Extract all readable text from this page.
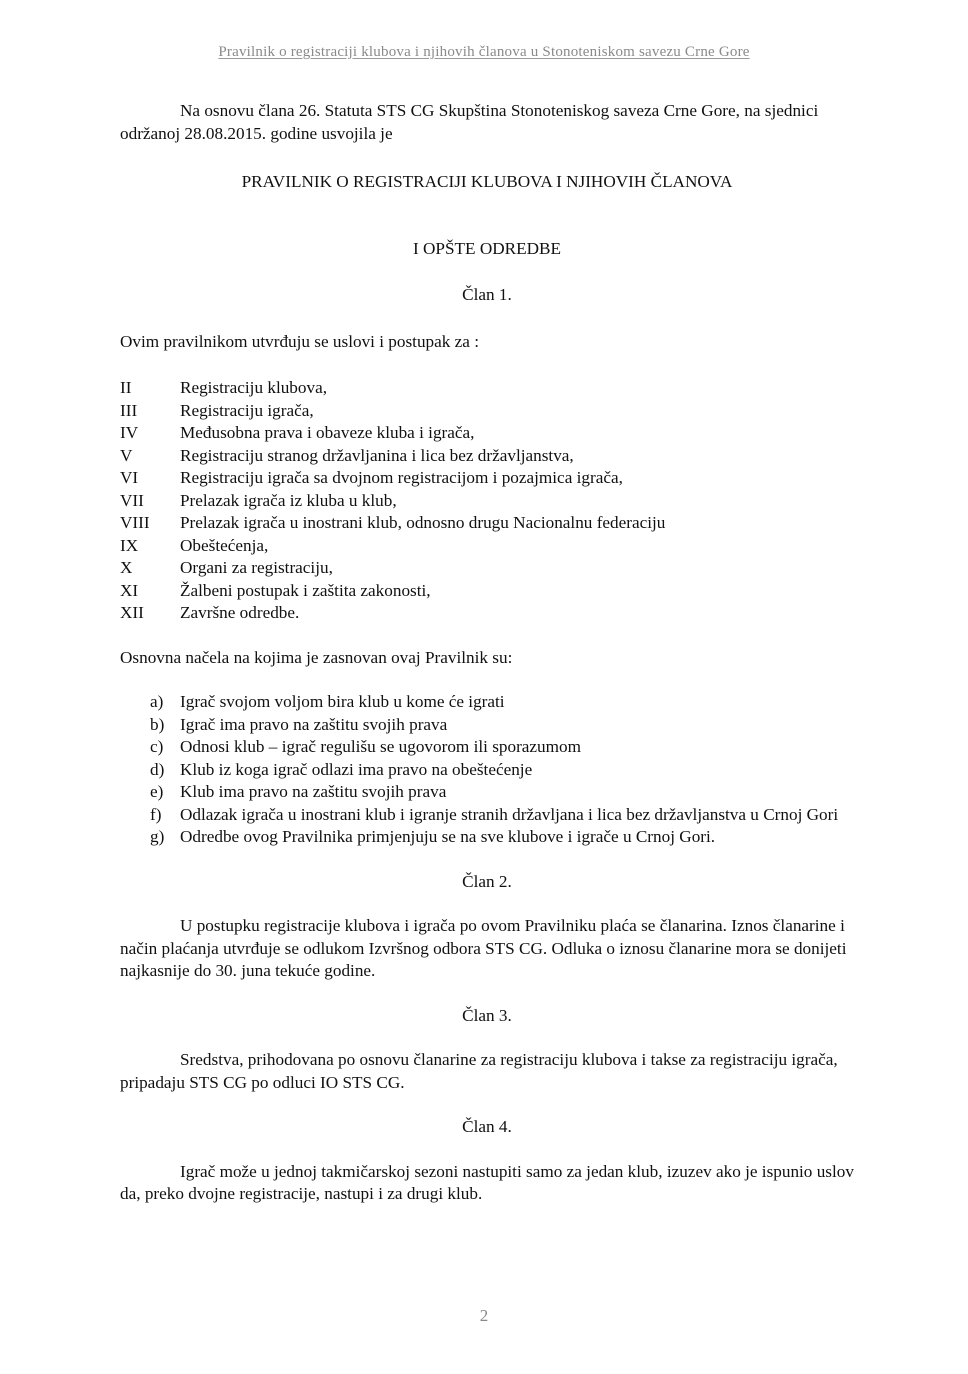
Pravilnik o registraciji klubova i njihovih članova u Stonoteniskom savezu Crne Gore

Na osnovu člana 26. Statuta STS CG Skupština Stonoteniskog saveza Crne Gore, na sjednici održanoj 28.08.2015. godine usvojila je

PRAVILNIK O REGISTRACIJI KLUBOVA I NJIHOVIH ČLANOVA

I OPŠTE ODREDBE

Član 1.

Ovim pravilnikom utvrđuju se uslovi i postupak za :

II	Registraciju klubova,
III	Registraciju igrača,
IV	Međusobna prava i obaveze kluba i igrača,
V	Registraciju stranog državljanina i lica bez državljanstva,
VI	Registraciju igrača sa dvojnom registracijom i pozajmica igrača,
VII	Prelazak igrača iz kluba u klub,
VIII	Prelazak igrača u inostrani klub, odnosno drugu Nacionalnu federaciju
IX	Obeštećenja,
X	Organi za registraciju,
XI	Žalbeni postupak i zaštita zakonosti,
XII	Završne odredbe.

Osnovna načela na kojima je zasnovan ovaj Pravilnik su:

a) Igrač svojom voljom bira klub u kome će igrati
b) Igrač ima pravo na zaštitu svojih prava
c) Odnosi klub – igrač regulišu se ugovorom ili sporazumom
d) Klub iz koga igrač odlazi ima pravo na obeštećenje
e) Klub ima pravo na zaštitu svojih prava
f)	Odlazak igrača u inostrani klub i igranje stranih državljana i lica bez državljanstva u Crnoj Gori
g) Odredbe ovog Pravilnika primjenjuju se na sve klubove i igrače u Crnoj Gori.

Član 2.

U postupku registracije klubova i igrača po ovom Pravilniku plaća se članarina. Iznos članarine i način plaćanja utvrđuje se odlukom Izvršnog odbora STS CG. Odluka o iznosu članarine mora se donijeti najkasnije do 30. juna tekuće godine.

Član 3.

Sredstva, prihodovana po osnovu članarine za registraciju klubova i takse za registraciju igrača, pripadaju STS CG po odluci IO STS CG.

Član 4.

Igrač može u jednoj takmičarskoj sezoni nastupiti samo za jedan klub, izuzev ako je ispunio uslov da, preko dvojne registracije, nastupi i za drugi klub.

2
